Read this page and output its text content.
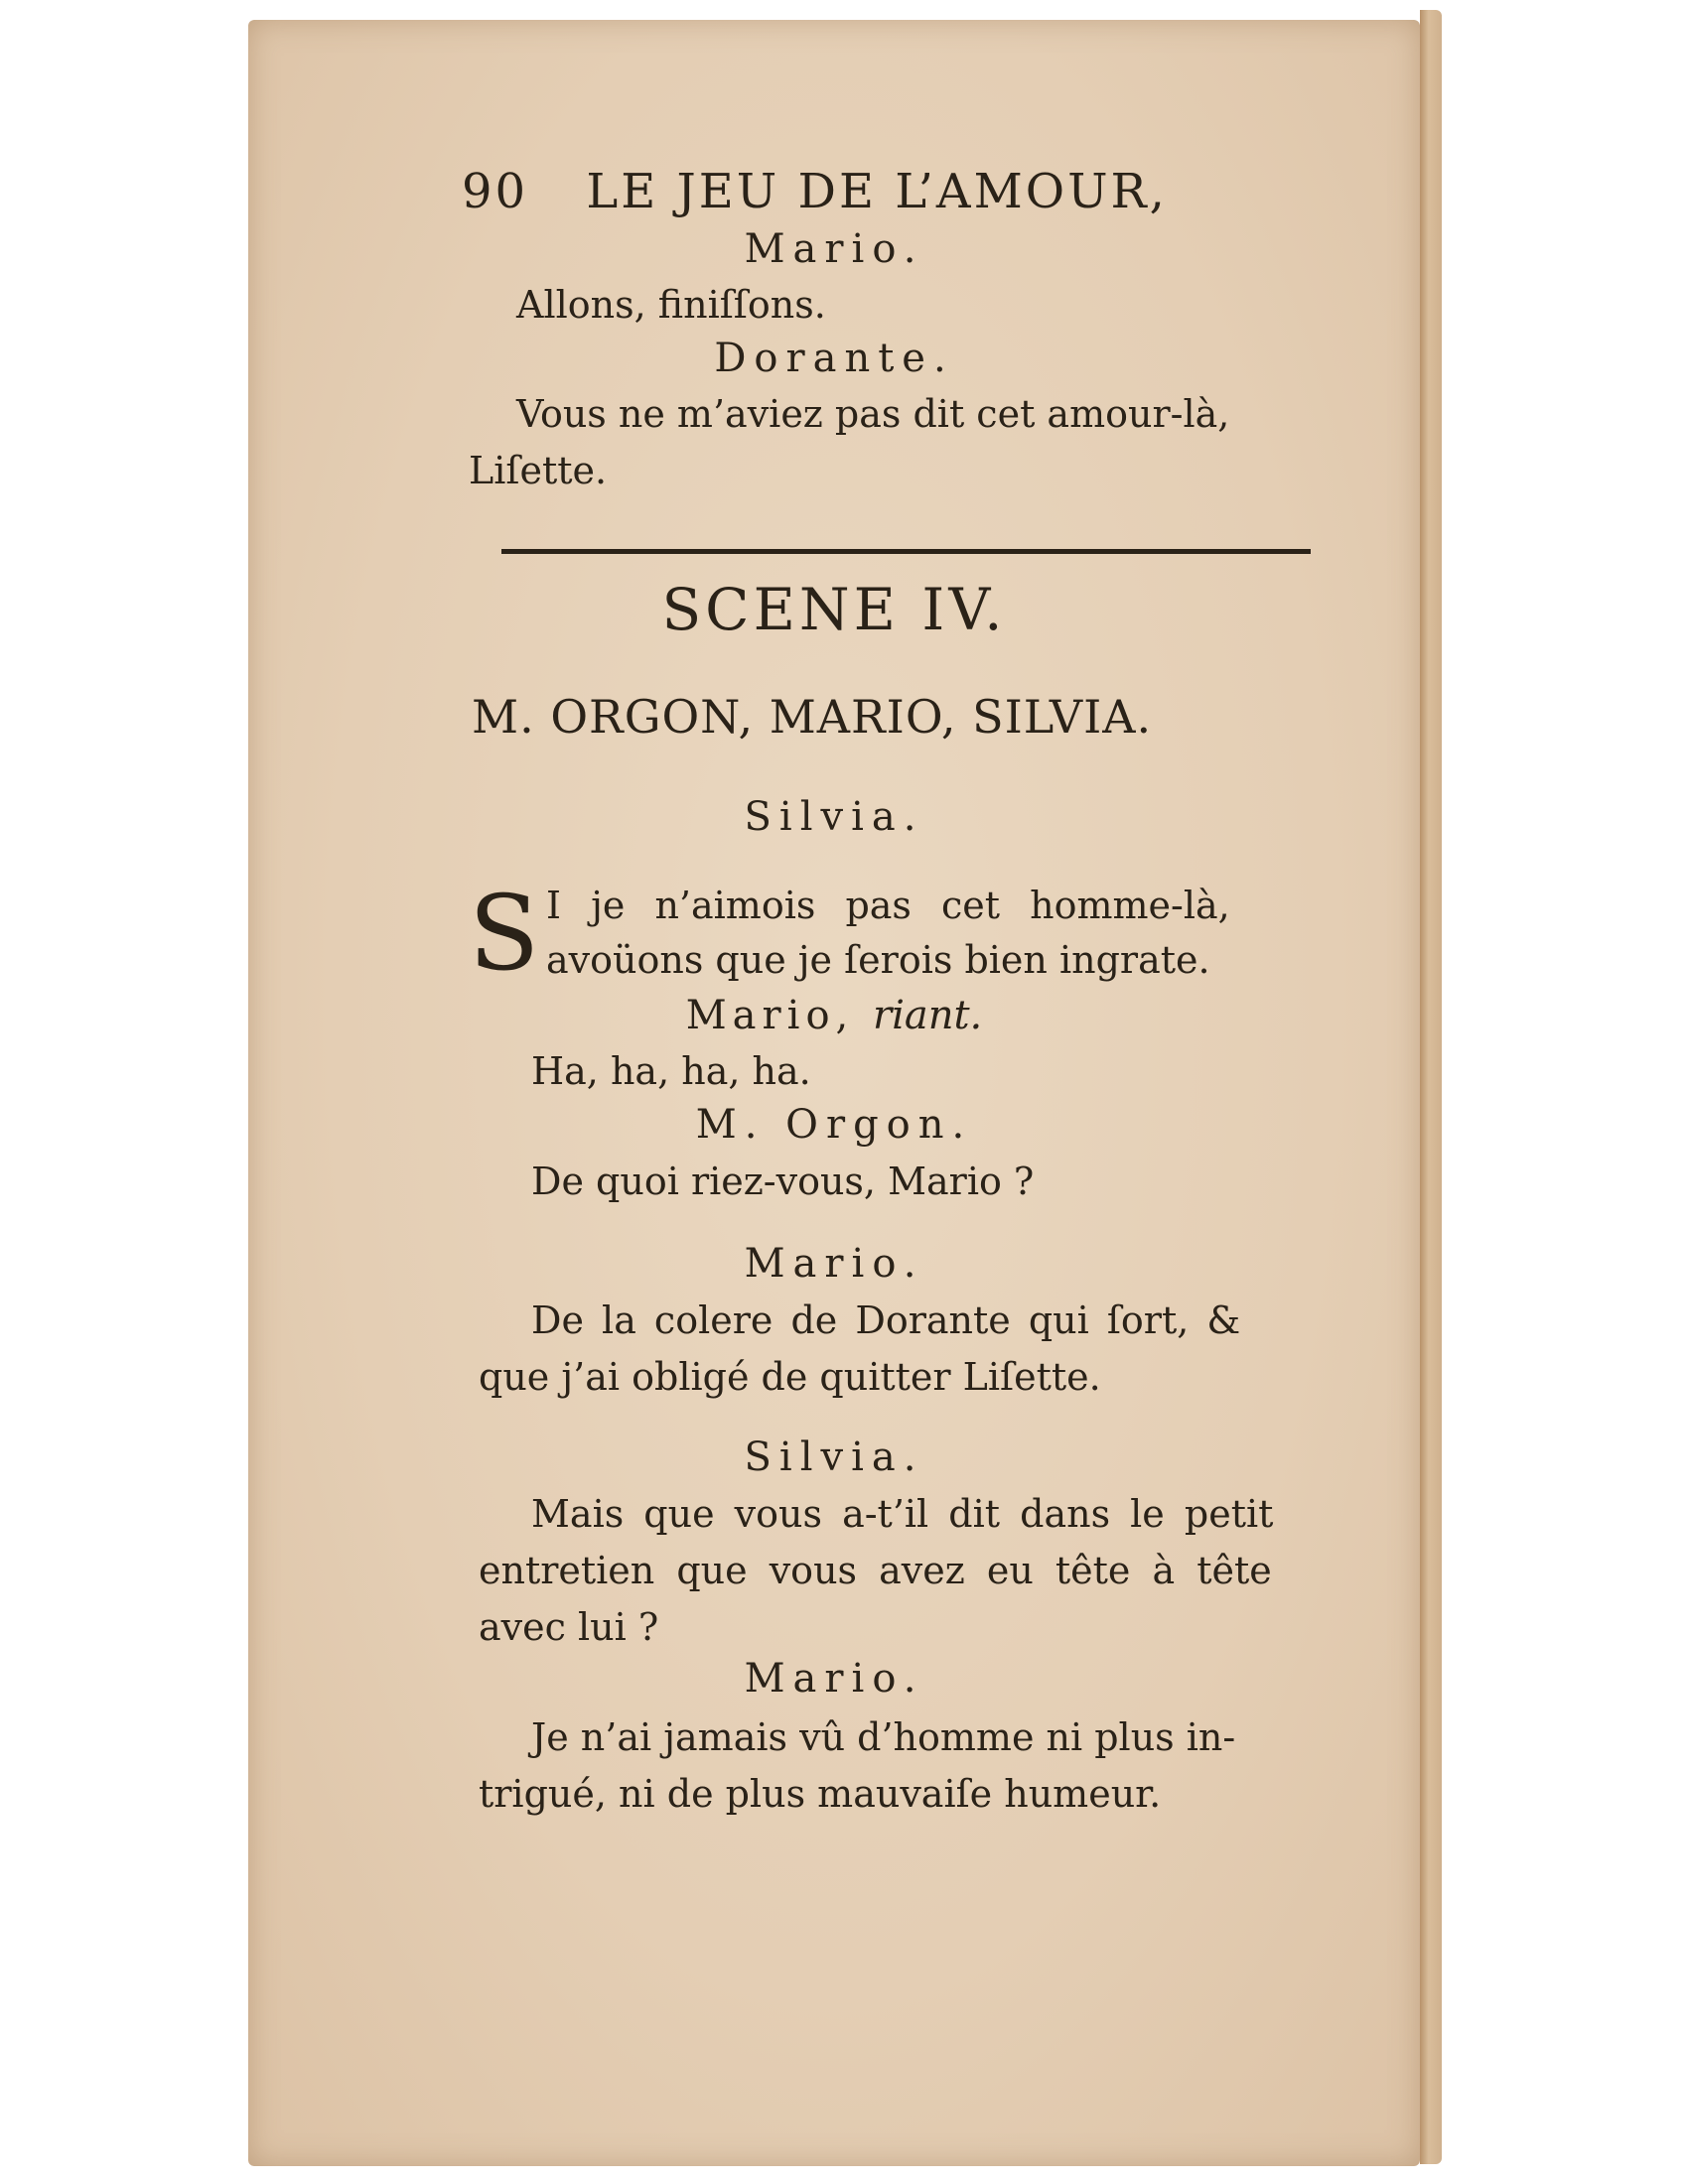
90 LE JEU DE L’AMOUR,
Mario.
Allons, finiſſons.
Dorante.
Vous ne m’aviez pas dit cet amour-là,
Liſette.
SCENE IV.
M. ORGON, MARIO, SILVIA.
Silvia.
S I je n’aimois pas cet homme-là,
avoüons que je ſerois bien ingrate.
Mario, riant.
Ha, ha, ha, ha.
M. Orgon.
De quoi riez-vous, Mario ?
Mario.
De la colere de Dorante qui ſort, &
que j’ai obligé de quitter Liſette.
Silvia.
Mais que vous a-t’il dit dans le petit
entretien que vous avez eu tête à tête
avec lui ?
Mario.
Je n’ai jamais vû d’homme ni plus in-
trigué, ni de plus mauvaiſe humeur.
